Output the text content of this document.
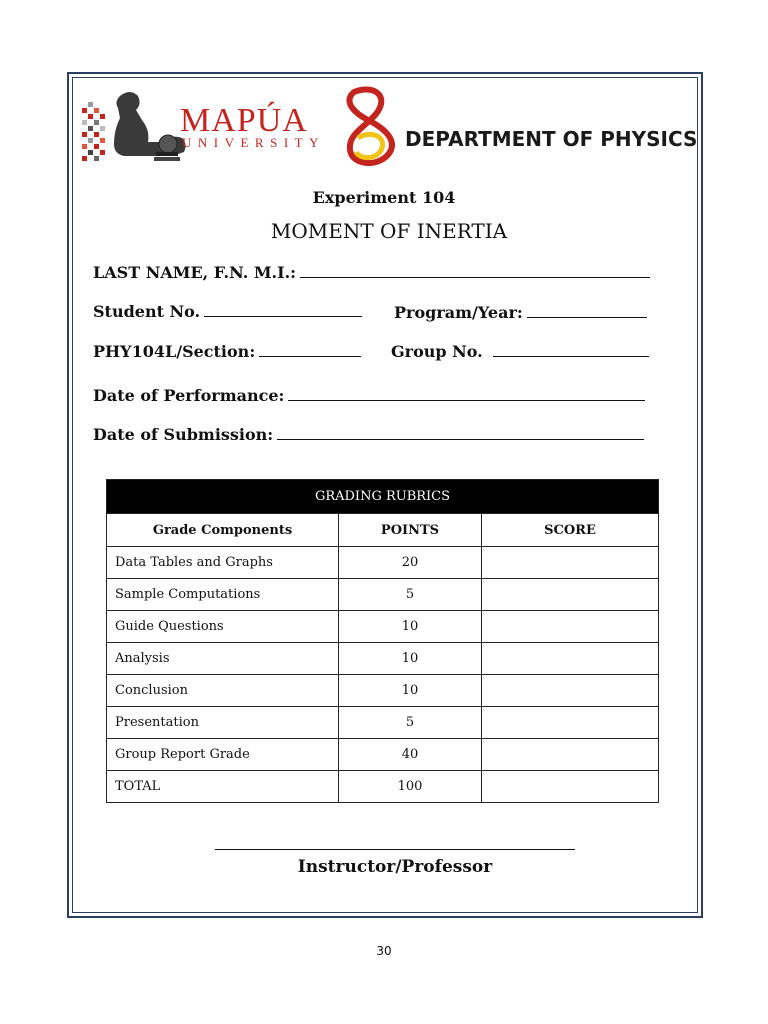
MAPÚA
UNIVERSITY	DEPARTMENT OF PHYSICS
Experiment 104
MOMENT OF INERTIA
LAST NAME, F.N. M.I.:
Student No.	Program/Year:
PHY104L/Section:	Group No.
Date of Performance:
Date of Submission:
GRADING RUBRICS		
Grade Components	POINTS	SCORE
Data Tables and Graphs	20	
Sample Computations	5	
Guide Questions	10	
Analysis	10	
Conclusion	10	
Presentation	5	
Group Report Grade	40	
TOTAL	100	
Instructor/Professor
30
